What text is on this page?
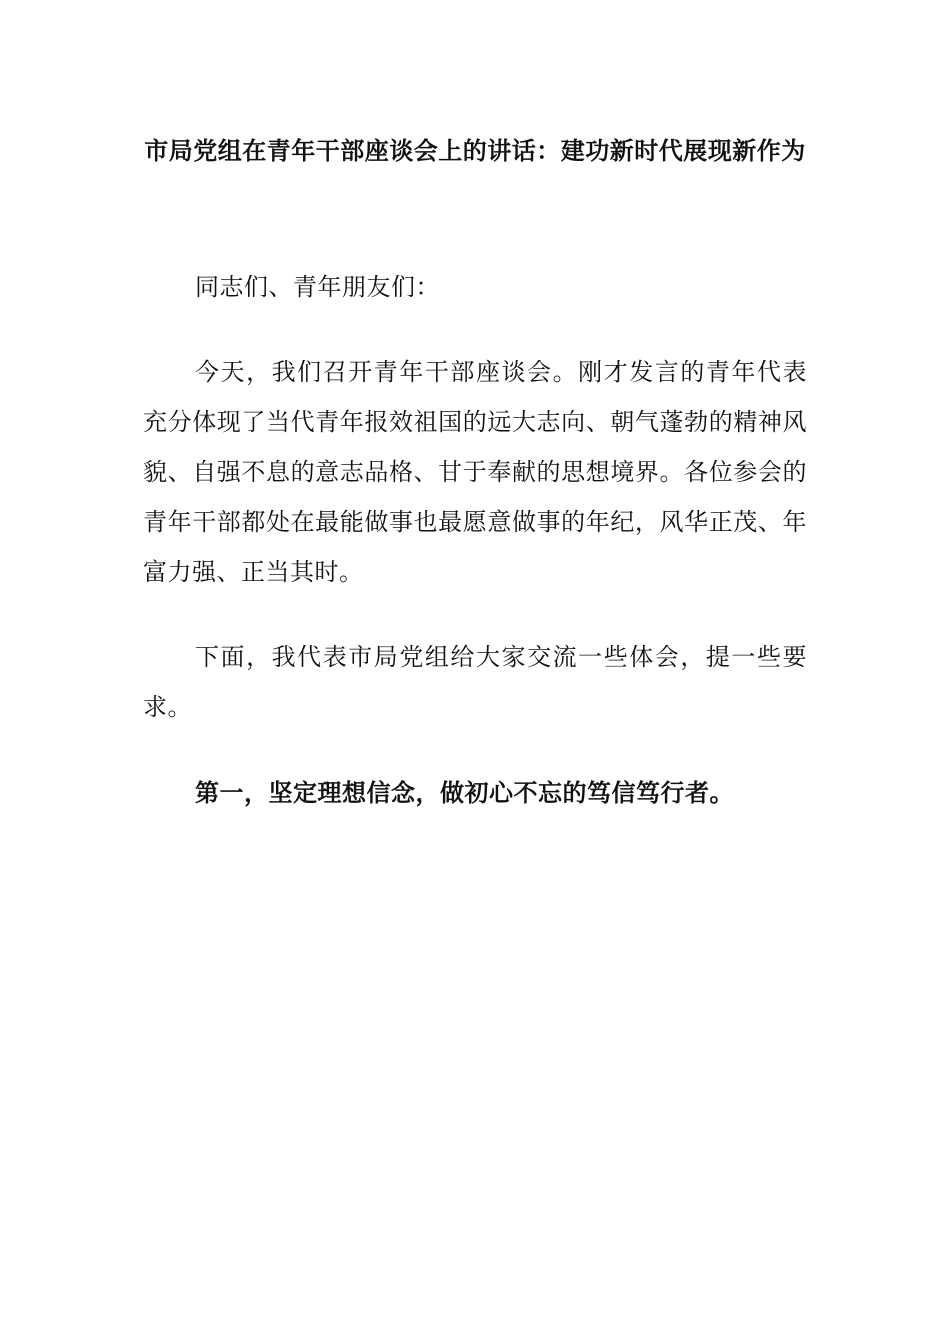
市局党组在青年干部座谈会上的讲话：建功新时代展现新作为

同志们、青年朋友们：

今天，我们召开青年干部座谈会。刚才发言的青年代表充分体现了当代青年报效祖国的远大志向、朝气蓬勃的精神风貌、自强不息的意志品格、甘于奉献的思想境界。各位参会的青年干部都处在最能做事也最愿意做事的年纪，风华正茂、年富力强、正当其时。

下面，我代表市局党组给大家交流一些体会，提一些要求。

第一，坚定理想信念，做初心不忘的笃信笃行者。
